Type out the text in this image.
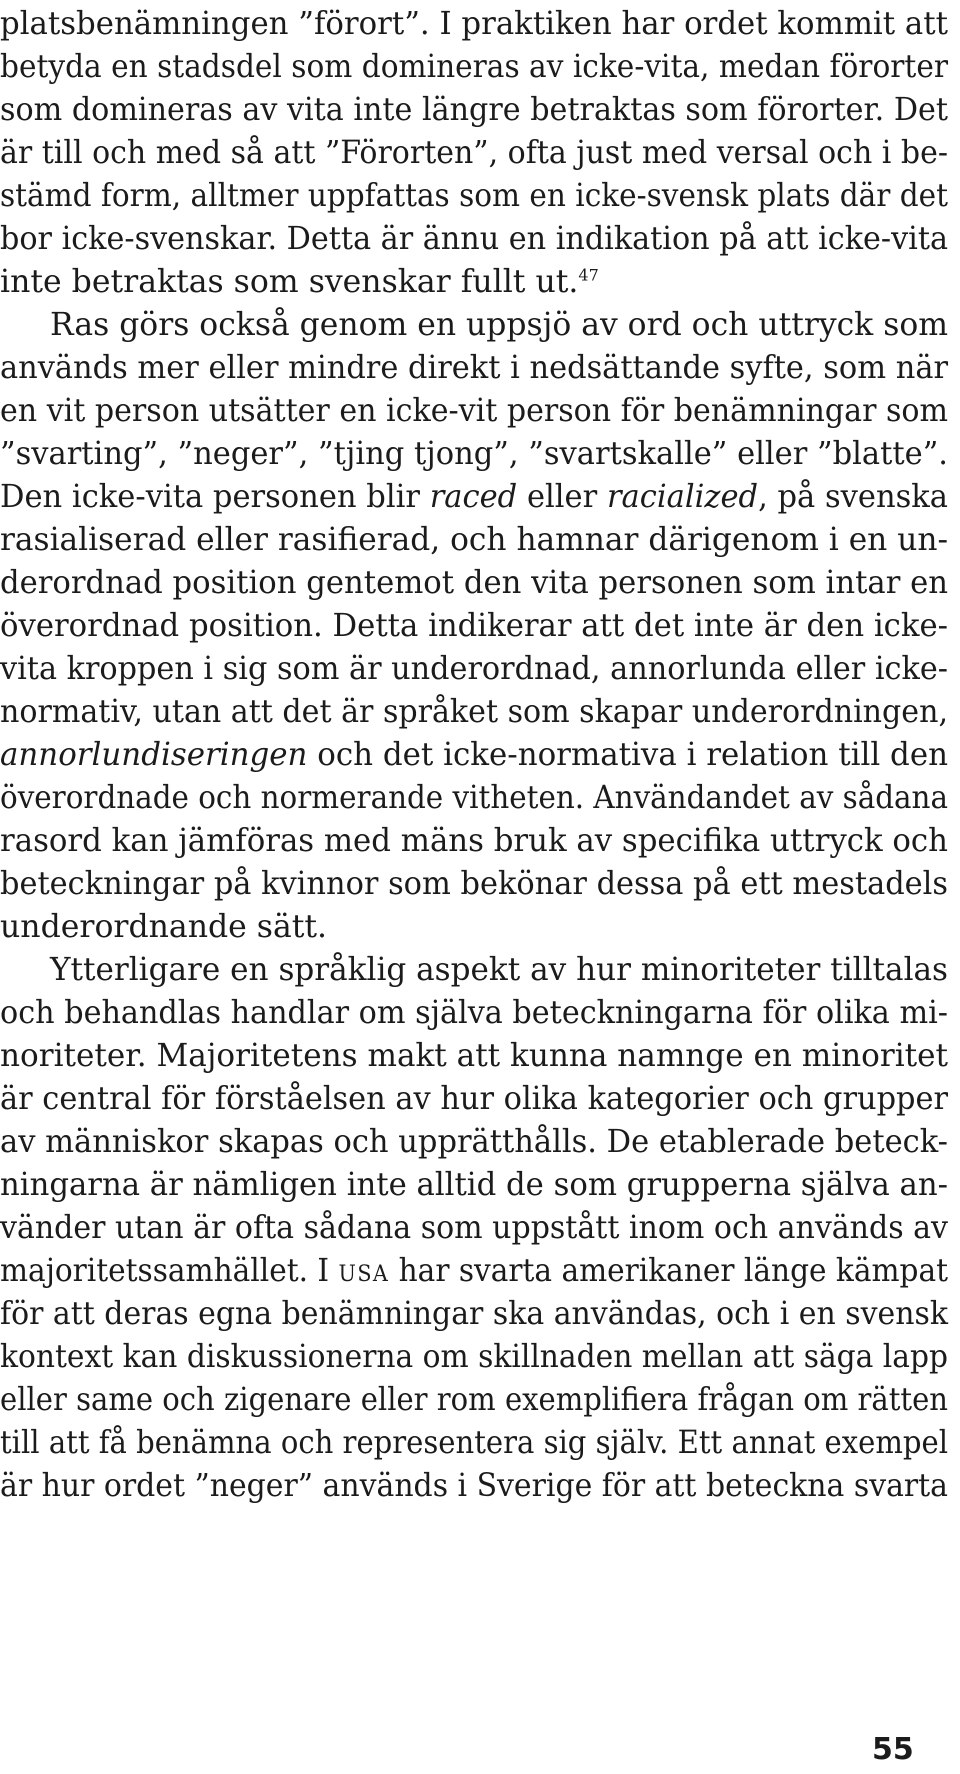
platsbenämningen ”förort”. I praktiken har ordet kommit att
betyda en stadsdel som domineras av icke-vita, medan förorter
som domineras av vita inte längre betraktas som förorter. Det
är till och med så att ”Förorten”, ofta just med versal och i be-
stämd form, alltmer uppfattas som en icke-svensk plats där det
bor icke-svenskar. Detta är ännu en indikation på att icke-vita
inte betraktas som svenskar fullt ut.$^{47}$
Ras görs också genom en uppsjö av ord och uttryck som
används mer eller mindre direkt i nedsättande syfte, som när
en vit person utsätter en icke-vit person för benämningar som
”svarting”, ”neger”, ”tjing tjong”, ”svartskalle” eller ”blatte”.
Den icke-vita personen blir raced eller racialized, på svenska
rasialiserad eller rasifierad, och hamnar därigenom i en un-
derordnad position gentemot den vita personen som intar en
överordnad position. Detta indikerar att det inte är den icke-
vita kroppen i sig som är underordnad, annorlunda eller icke-
normativ, utan att det är språket som skapar underordningen,
annorlundiseringen och det icke-normativa i relation till den
överordnade och normerande vitheten. Användandet av sådana
rasord kan jämföras med mäns bruk av specifika uttryck och
beteckningar på kvinnor som bekönar dessa på ett mestadels
underordnande sätt.
Ytterligare en språklig aspekt av hur minoriteter tilltalas
och behandlas handlar om själva beteckningarna för olika mi-
noriteter. Majoritetens makt att kunna namnge en minoritet
är central för förståelsen av hur olika kategorier och grupper
av människor skapas och upprätthålls. De etablerade beteck-
ningarna är nämligen inte alltid de som grupperna själva an-
vänder utan är ofta sådana som uppstått inom och används av
majoritetssamhället. I USA har svarta amerikaner länge kämpat
för att deras egna benämningar ska användas, och i en svensk
kontext kan diskussionerna om skillnaden mellan att säga lapp
eller same och zigenare eller rom exemplifiera frågan om rätten
till att få benämna och representera sig själv. Ett annat exempel
är hur ordet ”neger” används i Sverige för att beteckna svarta
55
